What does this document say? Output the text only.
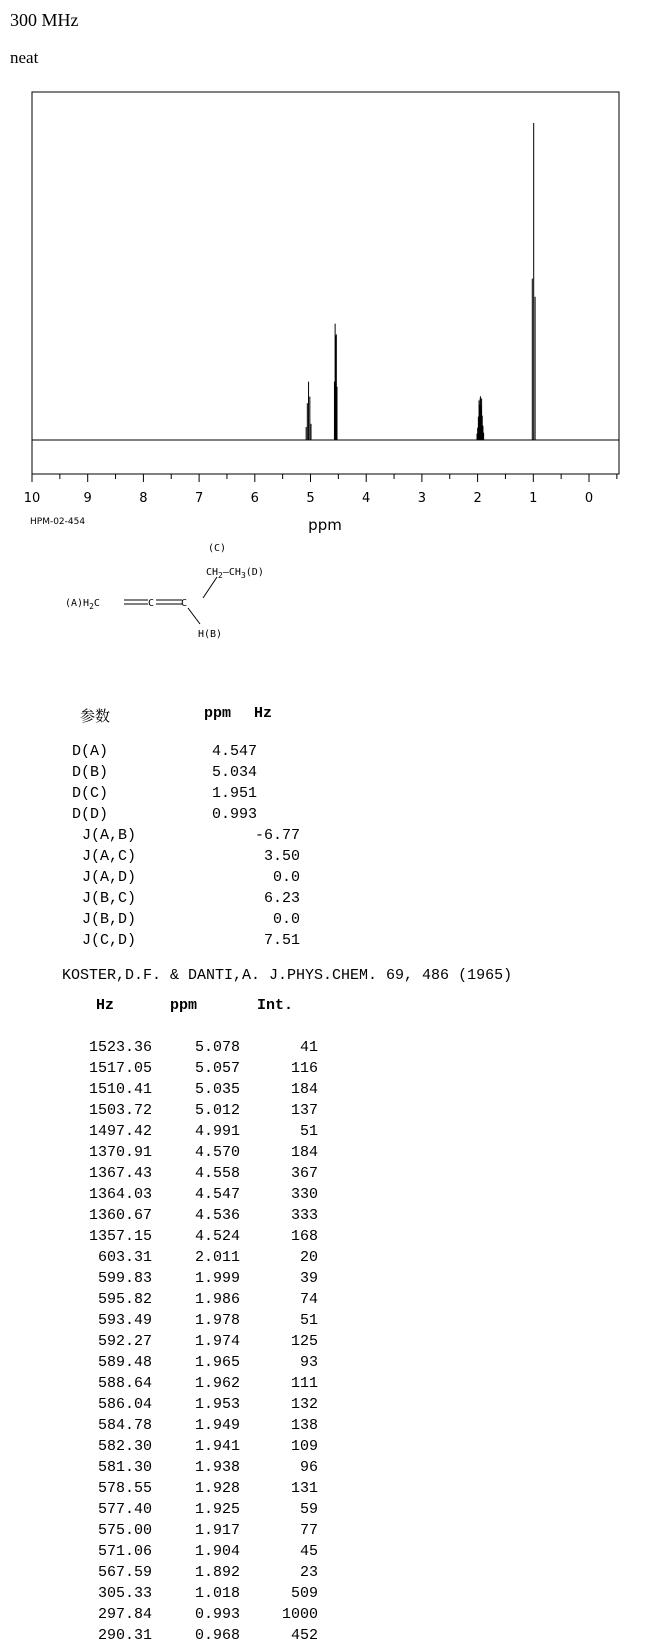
300 MHz
neat
10	9	8	7	6	5	4	3	2	1	0
ppm
HPM-02-454
(C)
$CH_2—CH_3(D)$
$(A)H_2C$	C	C
H(B)
参数	ppm Hz
D(A)	4.547
D(B)	5.034
D(C)	1.951
D(D)	0.993
J(A,B)	-6.77
J(A,C)	3.50
J(A,D)	0.0
J(B,C)	6.23
J(B,D)	0.0
J(C,D)	7.51
KOSTER,D.F. & DANTI,A. J.PHYS.CHEM. 69, 486 (1965)
Hz	ppm	Int.
1523.36	5.078	41
1517.05	5.057	116
1510.41	5.035	184
1503.72	5.012	137
1497.42	4.991	51
1370.91	4.570	184
1367.43	4.558	367
1364.03	4.547	330
1360.67	4.536	333
1357.15	4.524	168
603.31	2.011	20
599.83	1.999	39
595.82	1.986	74
593.49	1.978	51
592.27	1.974	125
589.48	1.965	93
588.64	1.962	111
586.04	1.953	132
584.78	1.949	138
582.30	1.941	109
581.30	1.938	96
578.55	1.928	131
577.40	1.925	59
575.00	1.917	77
571.06	1.904	45
567.59	1.892	23
305.33	1.018	509
297.84	0.993	1000
290.31	0.968	452
